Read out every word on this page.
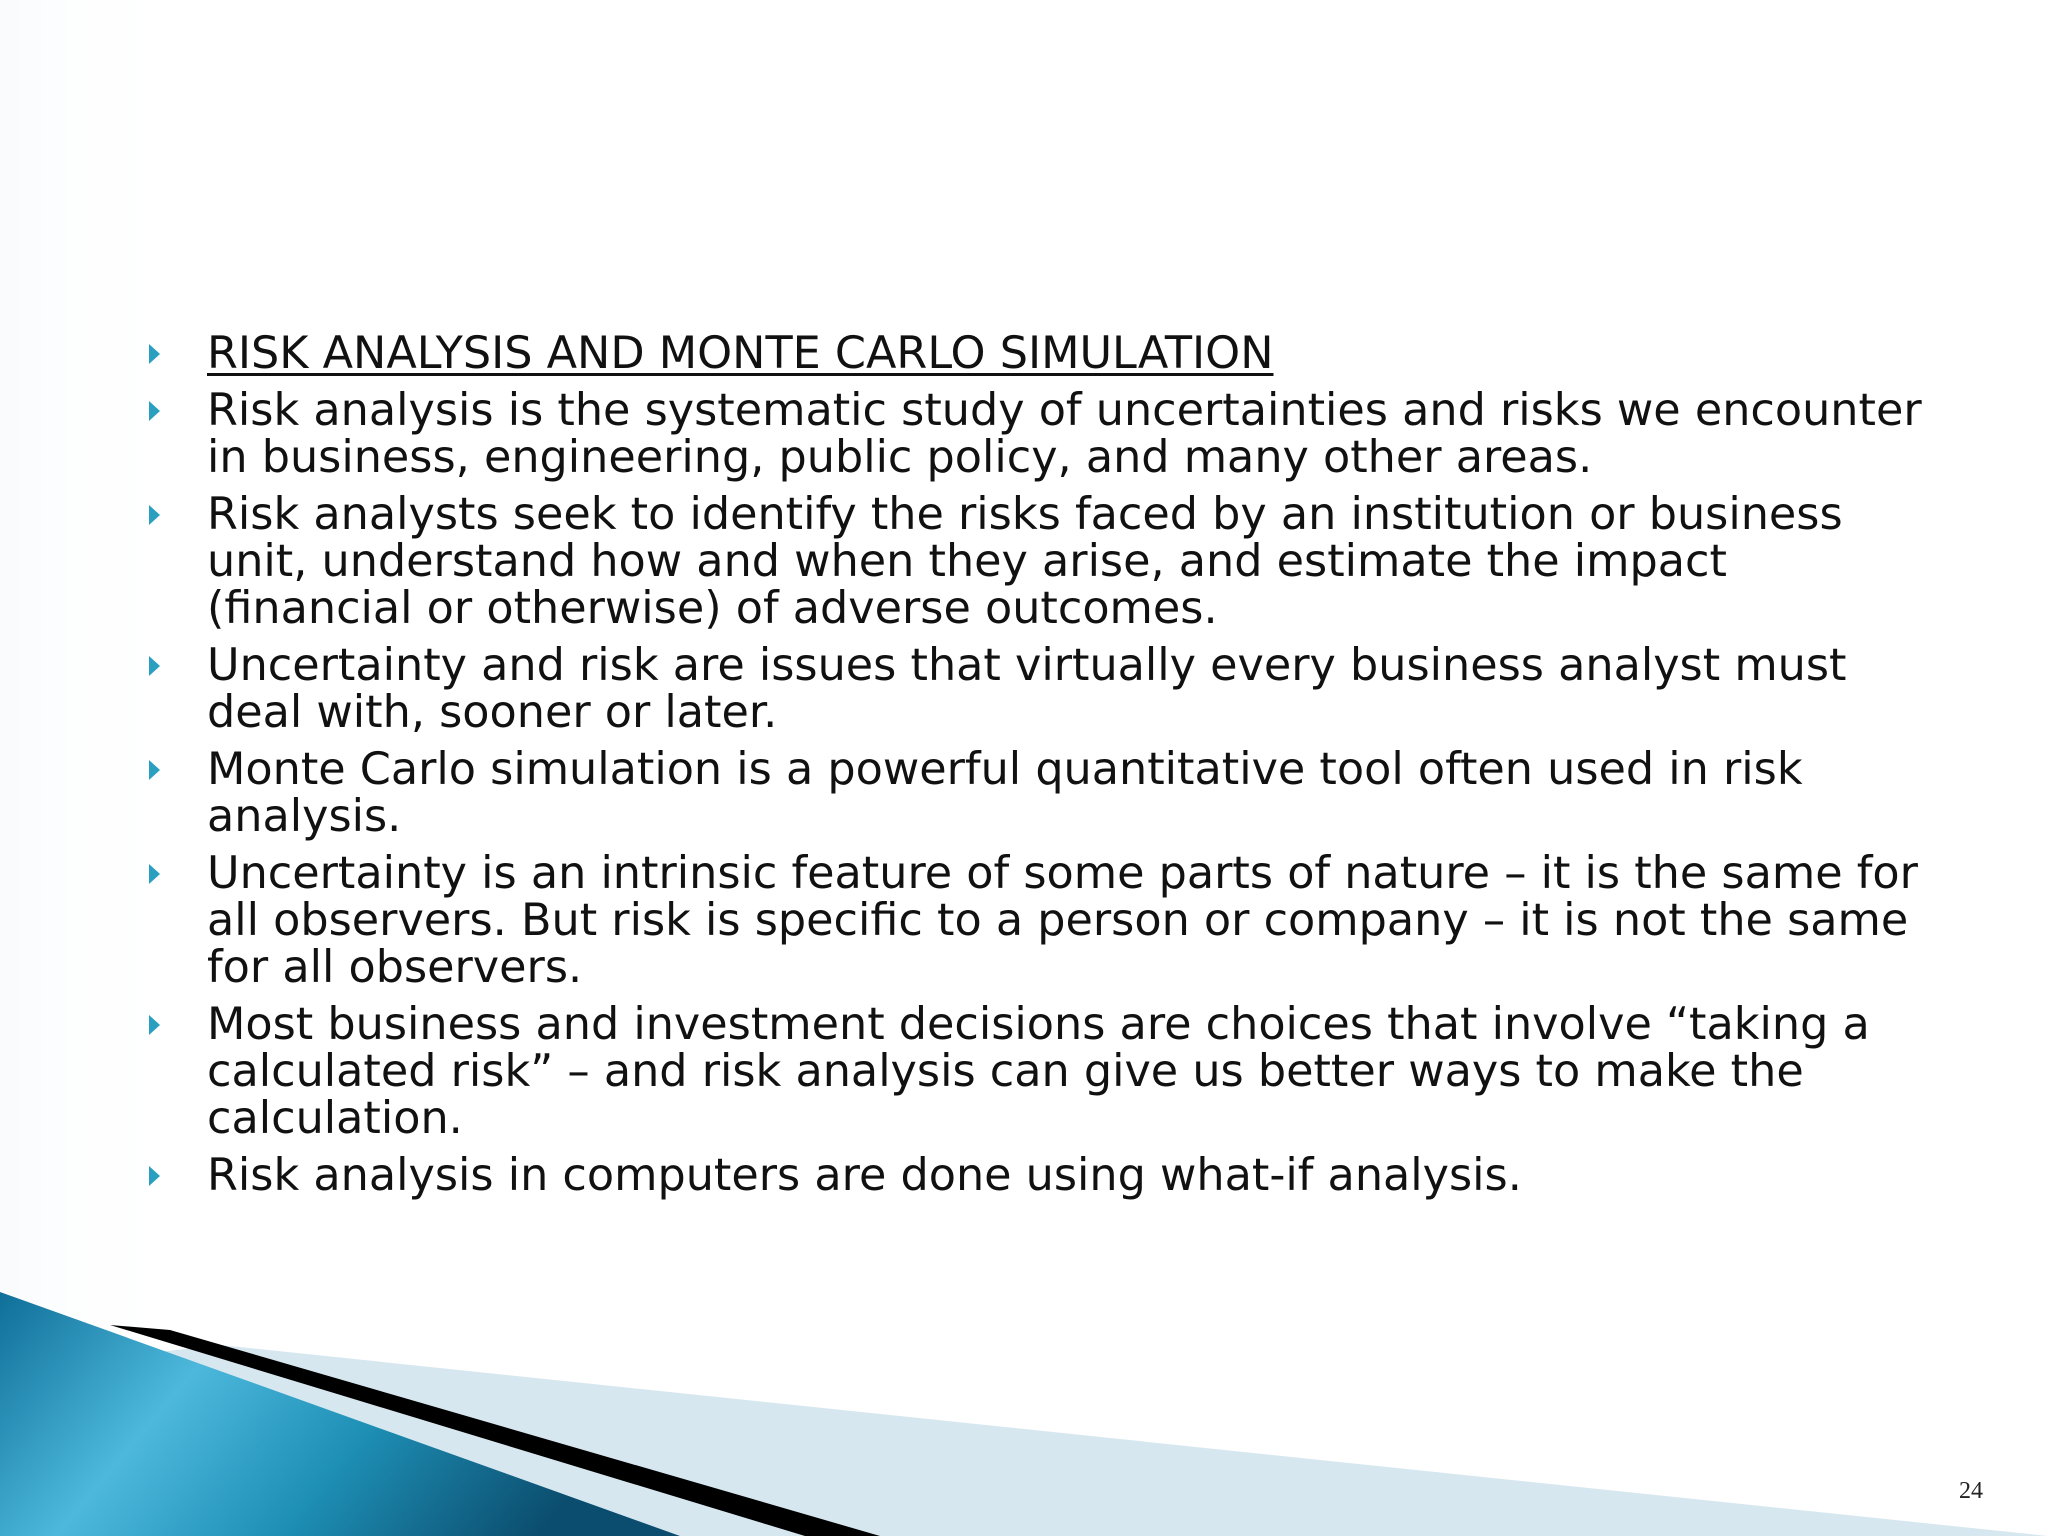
RISK ANALYSIS AND MONTE CARLO SIMULATION
Risk analysis is the systematic study of uncertainties and risks we encounter in business, engineering, public policy, and many other areas.
Risk analysts seek to identify the risks faced by an institution or business unit, understand how and when they arise, and estimate the impact (financial or otherwise) of adverse outcomes.
Uncertainty and risk are issues that virtually every business analyst must deal with, sooner or later.
Monte Carlo simulation is a powerful quantitative tool often used in risk analysis.
Uncertainty is an intrinsic feature of some parts of nature – it is the same for all observers. But risk is specific to a person or company – it is not the same for all observers.
Most business and investment decisions are choices that involve “taking a calculated risk” – and risk analysis can give us better ways to make the calculation.
Risk analysis in computers are done using what-if analysis.
24
